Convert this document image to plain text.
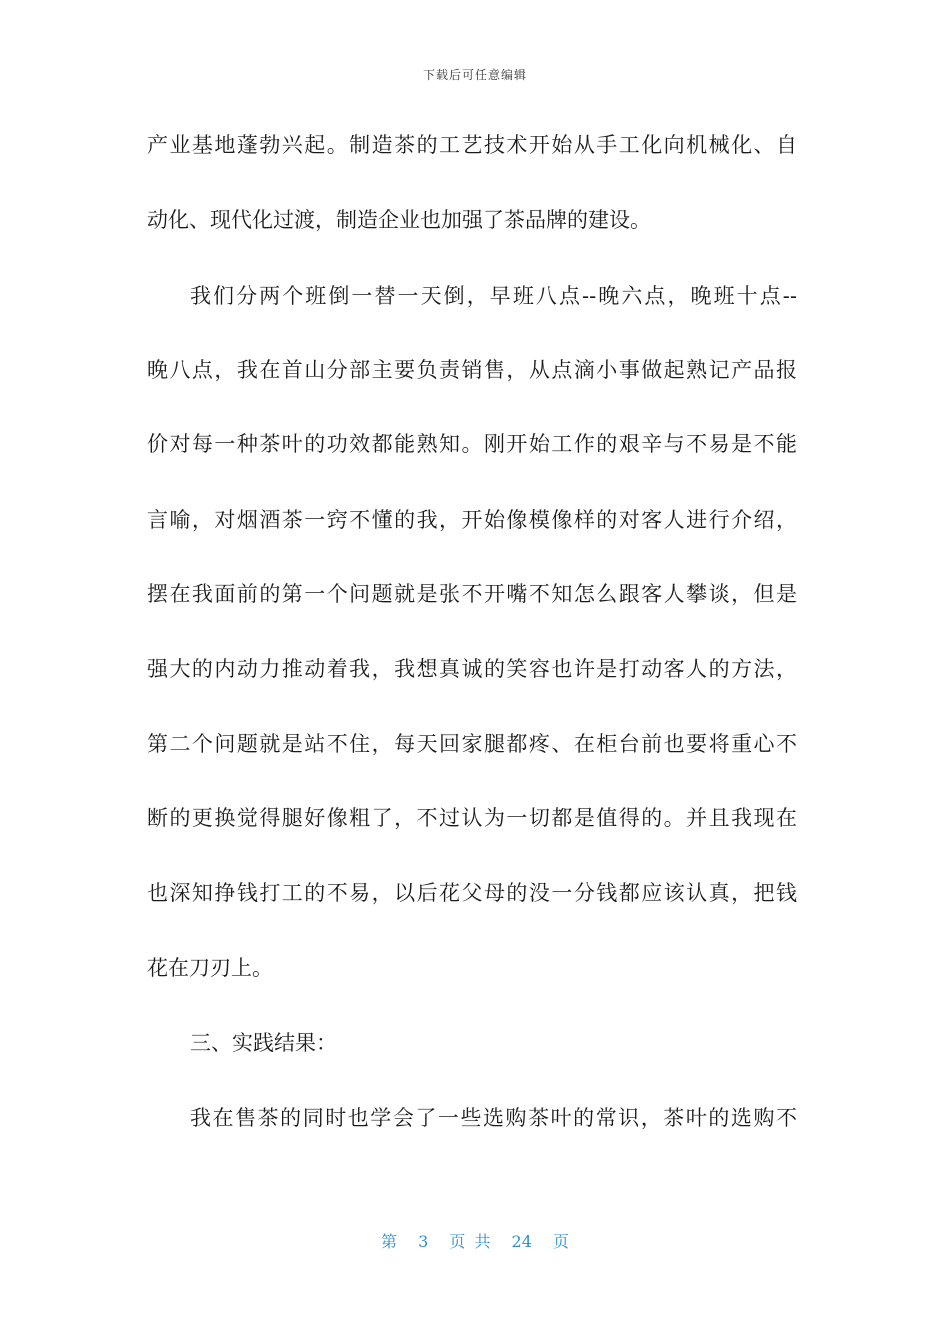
下载后可任意编辑
产业基地蓬勃兴起。制造茶的工艺技术开始从手工化向机械化、自
动化、现代化过渡，制造企业也加强了茶品牌的建设。
我们分两个班倒一替一天倒，早班八点--晚六点，晚班十点--
晚八点，我在首山分部主要负责销售，从点滴小事做起熟记产品报
价对每一种茶叶的功效都能熟知。刚开始工作的艰辛与不易是不能
言喻，对烟酒茶一窍不懂的我，开始像模像样的对客人进行介绍，
摆在我面前的第一个问题就是张不开嘴不知怎么跟客人攀谈，但是
强大的内动力推动着我，我想真诚的笑容也许是打动客人的方法，
第二个问题就是站不住，每天回家腿都疼、在柜台前也要将重心不
断的更换觉得腿好像粗了，不过认为一切都是值得的。并且我现在
也深知挣钱打工的不易，以后花父母的没一分钱都应该认真，把钱
花在刀刃上。
三、实践结果：
我在售茶的同时也学会了一些选购茶叶的常识，茶叶的选购不
第 3 页 共 24 页
